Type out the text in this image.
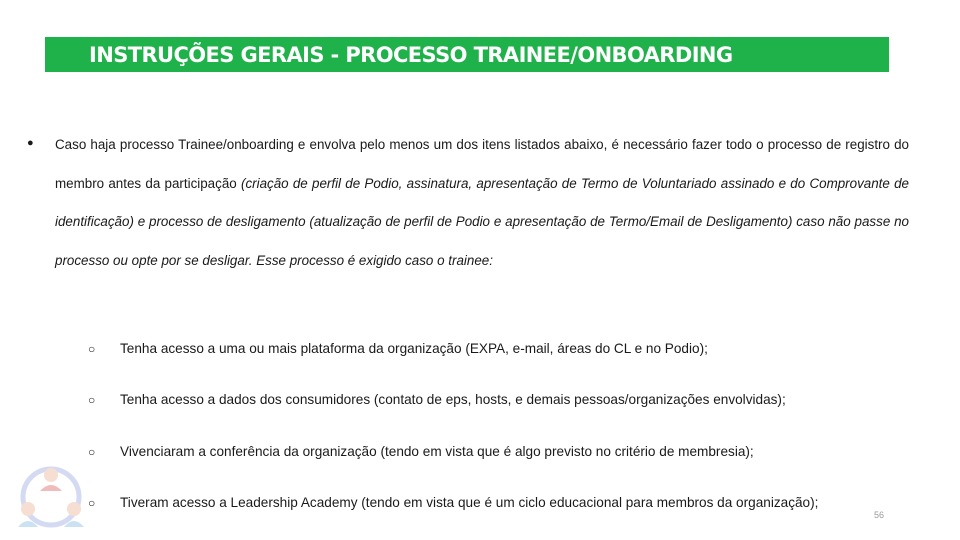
INSTRUÇÕES GERAIS - PROCESSO TRAINEE/ONBOARDING
● Caso haja processo Trainee/onboarding e envolva pelo menos um dos itens listados abaixo, é necessário fazer todo o processo de registro do membro antes da participação (criação de perfil de Podio, assinatura, apresentação de Termo de Voluntariado assinado e do Comprovante de identificação) e processo de desligamento (atualização de perfil de Podio e apresentação de Termo/Email de Desligamento) caso não passe no processo ou opte por se desligar. Esse processo é exigido caso o trainee:
○ Tenha acesso a uma ou mais plataforma da organização (EXPA, e-mail, áreas do CL e no Podio);
○ Tenha acesso a dados dos consumidores (contato de eps, hosts, e demais pessoas/organizações envolvidas);
○ Vivenciaram a conferência da organização (tendo em vista que é algo previsto no critério de membresia);
○ Tiveram acesso a Leadership Academy (tendo em vista que é um ciclo educacional para membros da organização);
56
